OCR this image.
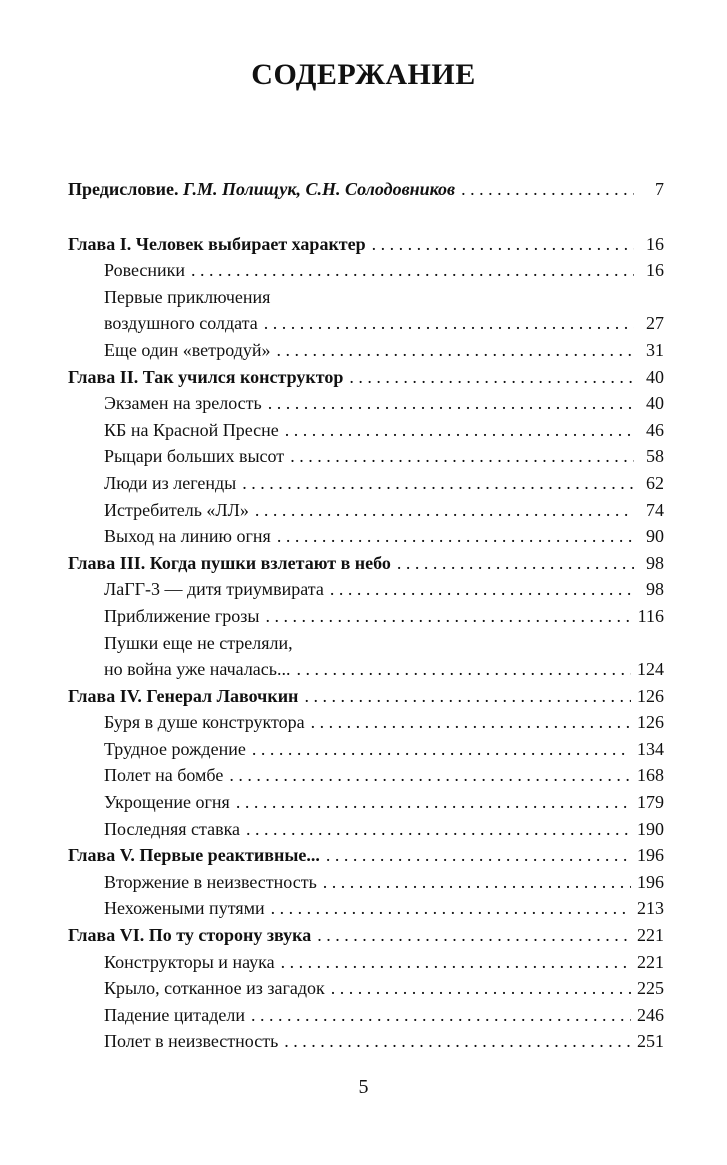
СОДЕРЖАНИЕ
Предисловие. Г.М. Полищук, С.Н. Солодовников . . .	7
Глава I. Человек выбирает характер . . .	16
Ровесники . . .	16
Первые приключения
воздушного солдата . . .	27
Еще один «ветродуй» . . .	31
Глава II. Так учился конструктор . . .	40
Экзамен на зрелость . . .	40
КБ на Красной Пресне . . .	46
Рыцари больших высот . . .	58
Люди из легенды . . .	62
Истребитель «ЛЛ» . . .	74
Выход на линию огня . . .	90
Глава III. Когда пушки взлетают в небо . . .	98
ЛаГГ-3 — дитя триумвирата . . .	98
Приближение грозы . . .	116
Пушки еще не стреляли,
но война уже началась... . . .	124
Глава IV. Генерал Лавочкин . . .	126
Буря в душе конструктора . . .	126
Трудное рождение . . .	134
Полет на бомбе . . .	168
Укрощение огня . . .	179
Последняя ставка . . .	190
Глава V. Первые реактивные... . . .	196
Вторжение в неизвестность . . .	196
Нехожеными путями . . .	213
Глава VI. По ту сторону звука . . .	221
Конструкторы и наука . . .	221
Крыло, сотканное из загадок . . .	225
Падение цитадели . . .	246
Полет в неизвестность . . .	251
5
